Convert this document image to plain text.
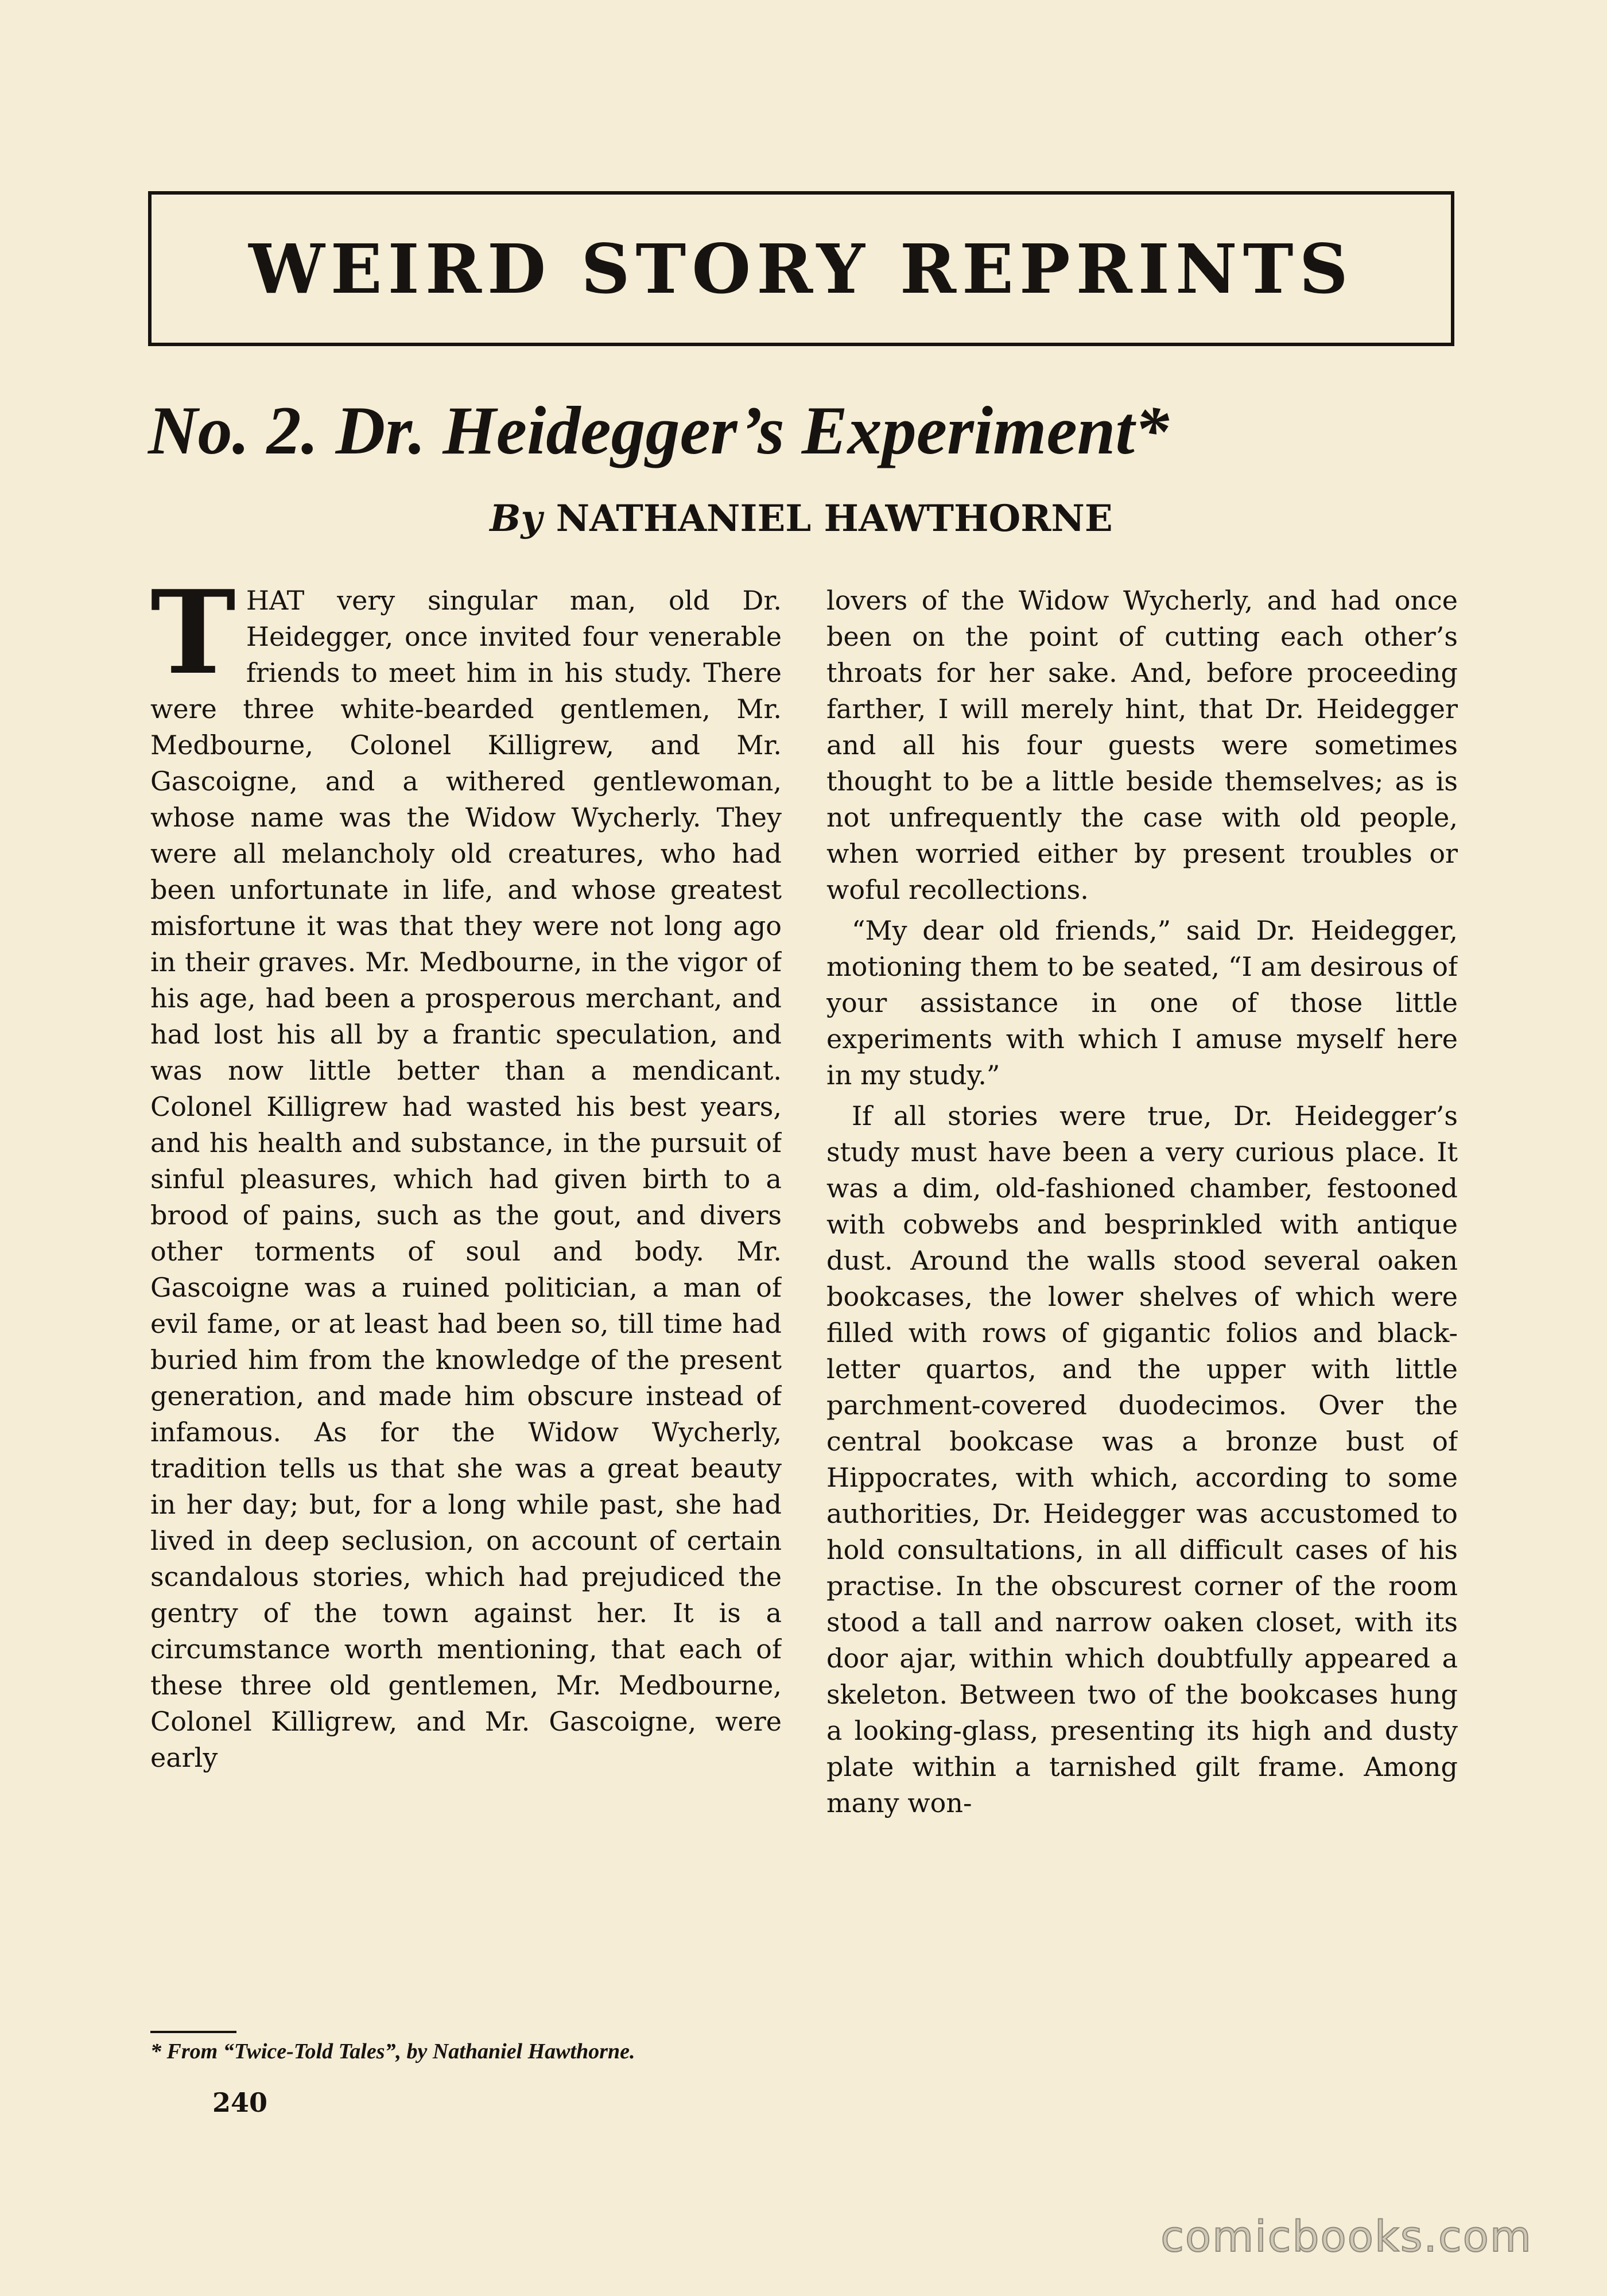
WEIRD STORY REPRINTS
No. 2. Dr. Heidegger’s Experiment*
By NATHANIEL HAWTHORNE

THAT very singular man, old Dr. Heidegger, once invited four venerable friends to meet him in his study. There were three white-bearded gentlemen, Mr. Medbourne, Colonel Killigrew, and Mr. Gascoigne, and a withered gentlewoman, whose name was the Widow Wycherly. They were all melancholy old creatures, who had been unfortunate in life, and whose greatest misfortune it was that they were not long ago in their graves. Mr. Medbourne, in the vigor of his age, had been a prosperous merchant, and had lost his all by a frantic speculation, and was now little better than a mendicant. Colonel Killigrew had wasted his best years, and his health and substance, in the pursuit of sinful pleasures, which had given birth to a brood of pains, such as the gout, and divers other torments of soul and body. Mr. Gascoigne was a ruined politician, a man of evil fame, or at least had been so, till time had buried him from the knowledge of the present generation, and made him obscure instead of infamous. As for the Widow Wycherly, tradition tells us that she was a great beauty in her day; but, for a long while past, she had lived in deep seclusion, on account of certain scandalous stories, which had prejudiced the gentry of the town against her. It is a circumstance worth mentioning, that each of these three old gentlemen, Mr. Medbourne, Colonel Killigrew, and Mr. Gascoigne, were early

lovers of the Widow Wycherly, and had once been on the point of cutting each other’s throats for her sake. And, before proceeding farther, I will merely hint, that Dr. Heidegger and all his four guests were sometimes thought to be a little beside themselves; as is not unfrequently the case with old people, when worried either by present troubles or woful recollections.

“My dear old friends,” said Dr. Heidegger, motioning them to be seated, “I am desirous of your assistance in one of those little experiments with which I amuse myself here in my study.”

If all stories were true, Dr. Heidegger’s study must have been a very curious place. It was a dim, old-fashioned chamber, festooned with cobwebs and besprinkled with antique dust. Around the walls stood several oaken bookcases, the lower shelves of which were filled with rows of gigantic folios and black-letter quartos, and the upper with little parchment-covered duodecimos. Over the central bookcase was a bronze bust of Hippocrates, with which, according to some authorities, Dr. Heidegger was accustomed to hold consultations, in all difficult cases of his practise. In the obscurest corner of the room stood a tall and narrow oaken closet, with its door ajar, within which doubtfully appeared a skeleton. Between two of the bookcases hung a looking-glass, presenting its high and dusty plate within a tarnished gilt frame. Among many won-

* From “Twice-Told Tales”, by Nathaniel Hawthorne.
240
comicbooks.com
